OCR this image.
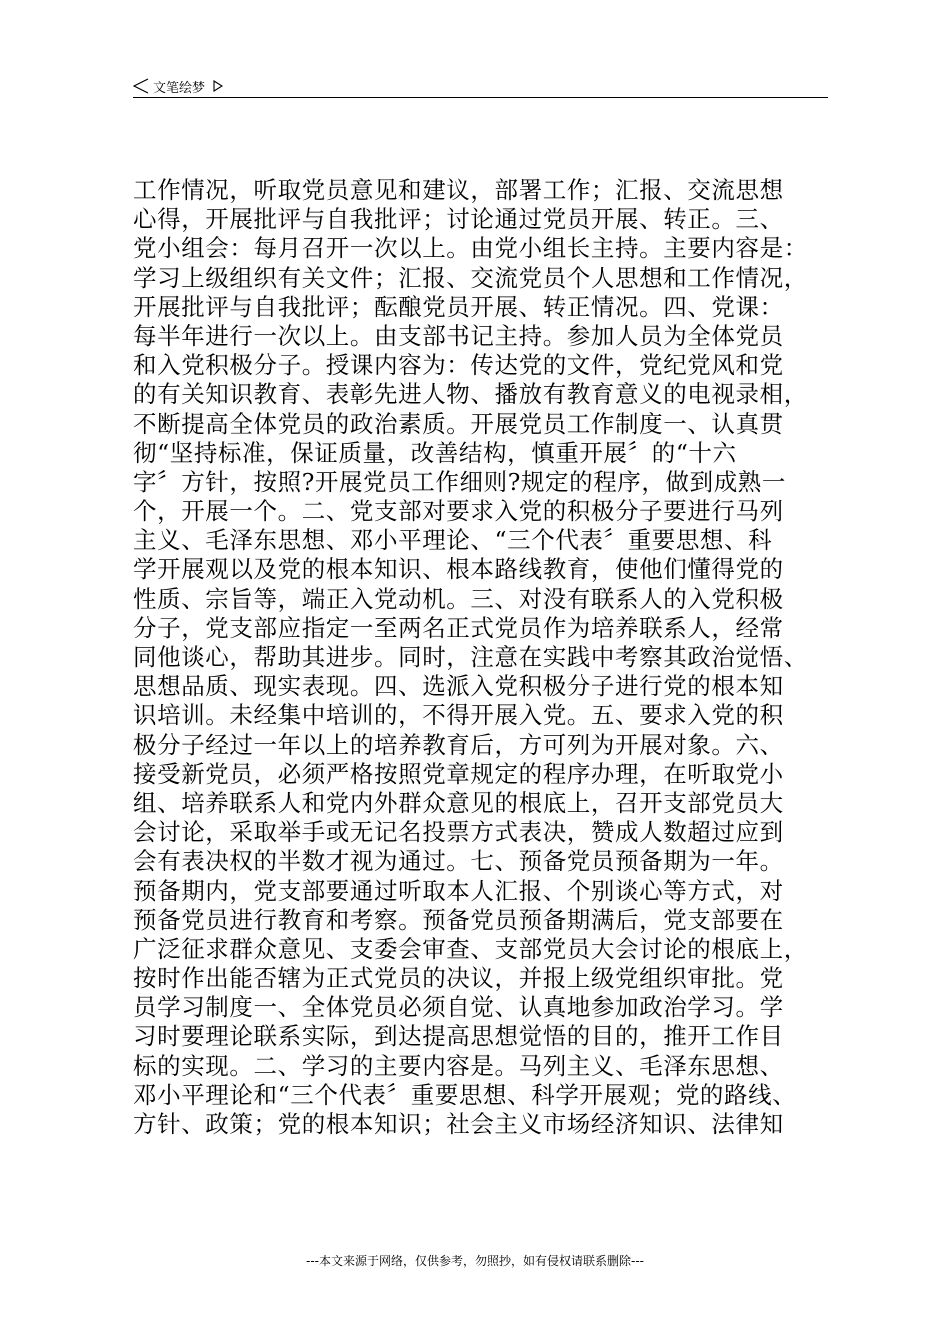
文笔绘梦
工作情况，听取党员意见和建议，部署工作；汇报、交流思想
心得，开展批评与自我批评；讨论通过党员开展、转正。三、
党小组会：每月召开一次以上。由党小组长主持。主要内容是：
学习上级组织有关文件；汇报、交流党员个人思想和工作情况，
开展批评与自我批评；酝酿党员开展、转正情况。四、党课：
每半年进行一次以上。由支部书记主持。参加人员为全体党员
和入党积极分子。授课内容为：传达党的文件，党纪党风和党
的有关知识教育、表彰先进人物、播放有教育意义的电视录相，
不断提高全体党员的政治素质。开展党员工作制度一、认真贯
彻“坚持标准，保证质量，改善结构，慎重开展〞的“十六
字〞方针，按照?开展党员工作细则?规定的程序，做到成熟一
个，开展一个。二、党支部对要求入党的积极分子要进行马列
主义、毛泽东思想、邓小平理论、“三个代表〞重要思想、科
学开展观以及党的根本知识、根本路线教育，使他们懂得党的
性质、宗旨等，端正入党动机。三、对没有联系人的入党积极
分子，党支部应指定一至两名正式党员作为培养联系人，经常
同他谈心，帮助其进步。同时，注意在实践中考察其政治觉悟、
思想品质、现实表现。四、选派入党积极分子进行党的根本知
识培训。未经集中培训的，不得开展入党。五、要求入党的积
极分子经过一年以上的培养教育后，方可列为开展对象。六、
接受新党员，必须严格按照党章规定的程序办理，在听取党小
组、培养联系人和党内外群众意见的根底上，召开支部党员大
会讨论，采取举手或无记名投票方式表决，赞成人数超过应到
会有表决权的半数才视为通过。七、预备党员预备期为一年。
预备期内，党支部要通过听取本人汇报、个别谈心等方式，对
预备党员进行教育和考察。预备党员预备期满后，党支部要在
广泛征求群众意见、支委会审查、支部党员大会讨论的根底上，
按时作出能否辖为正式党员的决议，并报上级党组织审批。党
员学习制度一、全体党员必须自觉、认真地参加政治学习。学
习时要理论联系实际，到达提高思想觉悟的目的，推开工作目
标的实现。二、学习的主要内容是。马列主义、毛泽东思想、
邓小平理论和“三个代表〞重要思想、科学开展观；党的路线、
方针、政策；党的根本知识；社会主义市场经济知识、法律知
---本文来源于网络，仅供参考，勿照抄，如有侵权请联系删除---
